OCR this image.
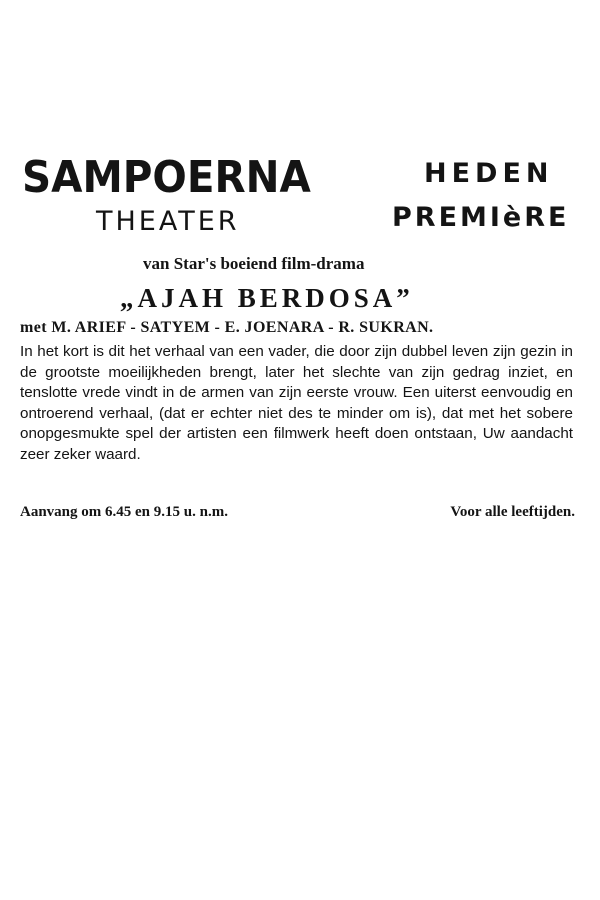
SAMPOERNA
THEATER
HEDEN
PREMIèRE
van Star's boeiend film-drama
„AJAH BERDOSA”
met M. ARIEF - SATYEM - E. JOENARA - R. SUKRAN.
In het kort is dit het verhaal van een vader, die door zijn dubbel leven zijn gezin in de grootste moeilijkheden brengt, later het slechte van zijn gedrag inziet, en tenslotte vrede vindt in de armen van zijn eerste vrouw. Een uiterst eenvoudig en ontroerend verhaal, (dat er echter niet des te minder om is), dat met het sobere onopgesmukte spel der artisten een filmwerk heeft doen ontstaan, Uw aandacht zeer zeker waard.
Aanvang om 6.45 en 9.15 u. n.m.	Voor alle leeftijden.
